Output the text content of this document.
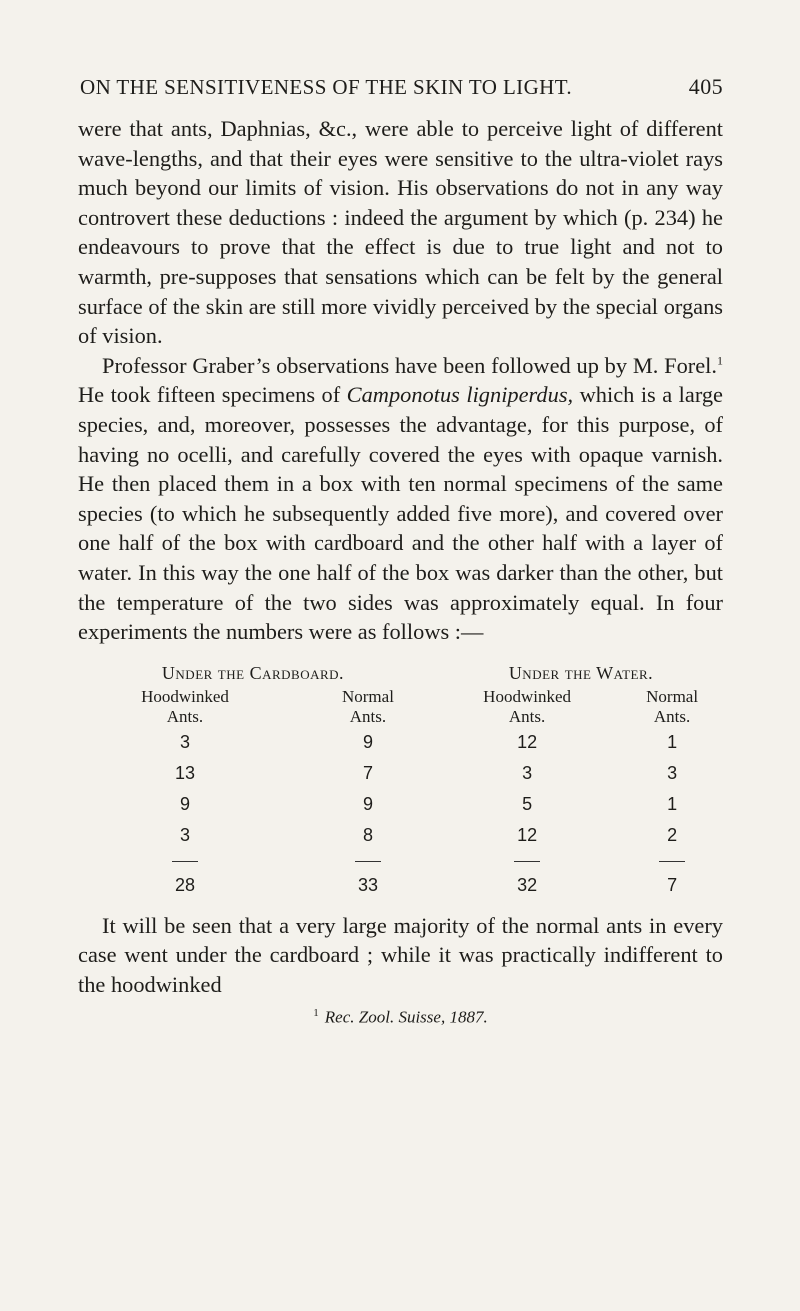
ON THE SENSITIVENESS OF THE SKIN TO LIGHT.	405

were that ants, Daphnias, &c., were able to perceive light of different wave-lengths, and that their eyes were sensitive to the ultra-violet rays much beyond our limits of vision. His observations do not in any way controvert these deductions : indeed the argument by which (p. 234) he endeavours to prove that the effect is due to true light and not to warmth, pre-supposes that sensations which can be felt by the general surface of the skin are still more vividly perceived by the special organs of vision.

Professor Graber’s observations have been followed up by M. Forel.$^1$ He took fifteen specimens of Camponotus ligniperdus, which is a large species, and, moreover, possesses the advantage, for this purpose, of having no ocelli, and carefully covered the eyes with opaque varnish. He then placed them in a box with ten normal specimens of the same species (to which he subsequently added five more), and covered over one half of the box with cardboard and the other half with a layer of water. In this way the one half of the box was darker than the other, but the temperature of the two sides was approximately equal. In four experiments the numbers were as follows :—

Under the Cardboard.		Under the Water.	
Hoodwinked	Normal	Hoodwinked	Normal
Ants.	Ants.	Ants.	Ants.
3	9	12	1
13	7	3	3
9	9	5	1
3	8	12	2

28	33	32	7

It will be seen that a very large majority of the normal ants in every case went under the cardboard ; while it was practically indifferent to the hoodwinked

$^1$ Rec. Zool. Suisse, 1887.
